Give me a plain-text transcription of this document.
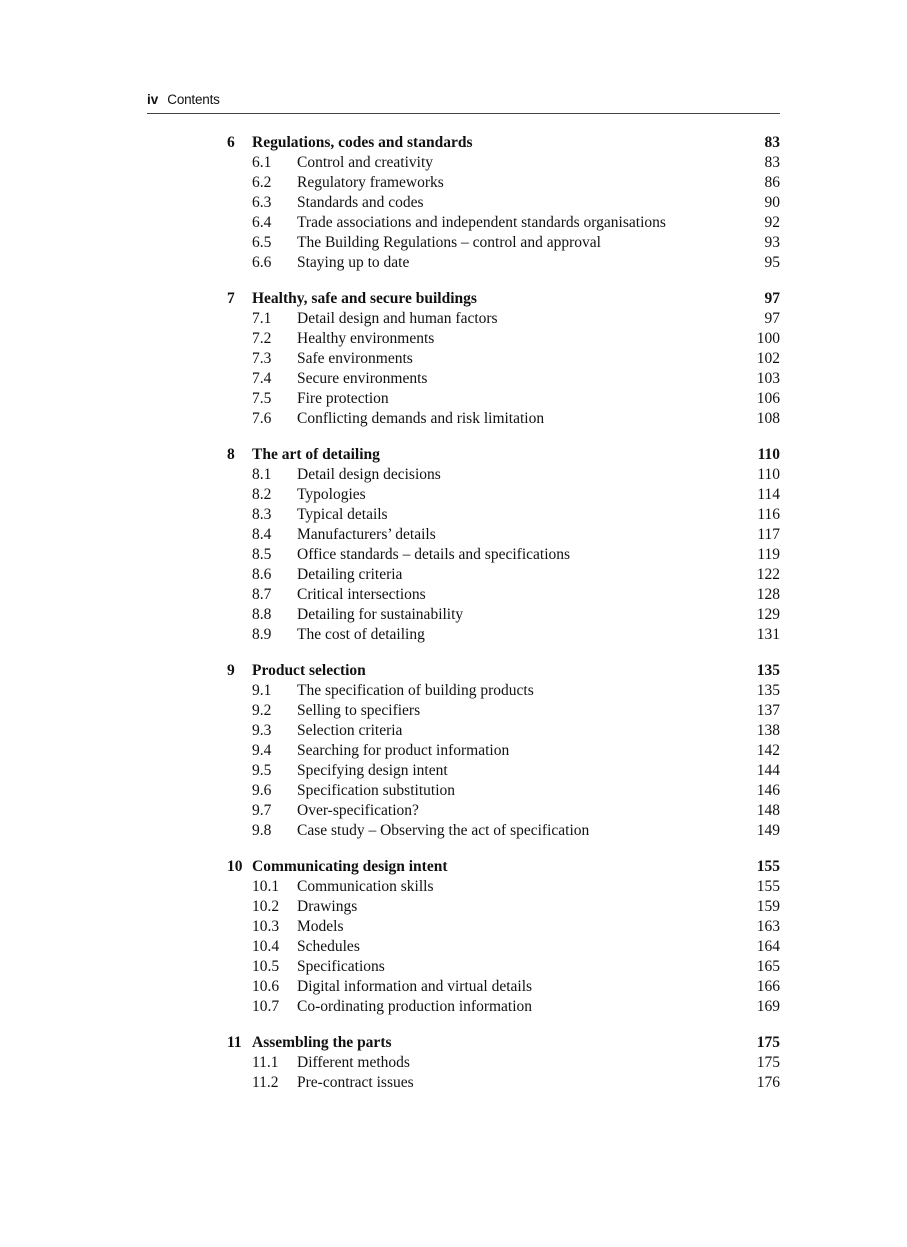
iv Contents
6 Regulations, codes and standards	83
6.1 Control and creativity	83
6.2 Regulatory frameworks	86
6.3 Standards and codes	90
6.4 Trade associations and independent standards organisations	92
6.5 The Building Regulations – control and approval	93
6.6 Staying up to date	95
7 Healthy, safe and secure buildings	97
7.1 Detail design and human factors	97
7.2 Healthy environments	100
7.3 Safe environments	102
7.4 Secure environments	103
7.5 Fire protection	106
7.6 Conflicting demands and risk limitation	108
8 The art of detailing	110
8.1 Detail design decisions	110
8.2 Typologies	114
8.3 Typical details	116
8.4 Manufacturers’ details	117
8.5 Office standards – details and specifications	119
8.6 Detailing criteria	122
8.7 Critical intersections	128
8.8 Detailing for sustainability	129
8.9 The cost of detailing	131
9 Product selection	135
9.1 The specification of building products	135
9.2 Selling to specifiers	137
9.3 Selection criteria	138
9.4 Searching for product information	142
9.5 Specifying design intent	144
9.6 Specification substitution	146
9.7 Over-specification?	148
9.8 Case study – Observing the act of specification	149
10 Communicating design intent	155
10.1 Communication skills	155
10.2 Drawings	159
10.3 Models	163
10.4 Schedules	164
10.5 Specifications	165
10.6 Digital information and virtual details	166
10.7 Co-ordinating production information	169
11 Assembling the parts	175
11.1 Different methods	175
11.2 Pre-contract issues	176
